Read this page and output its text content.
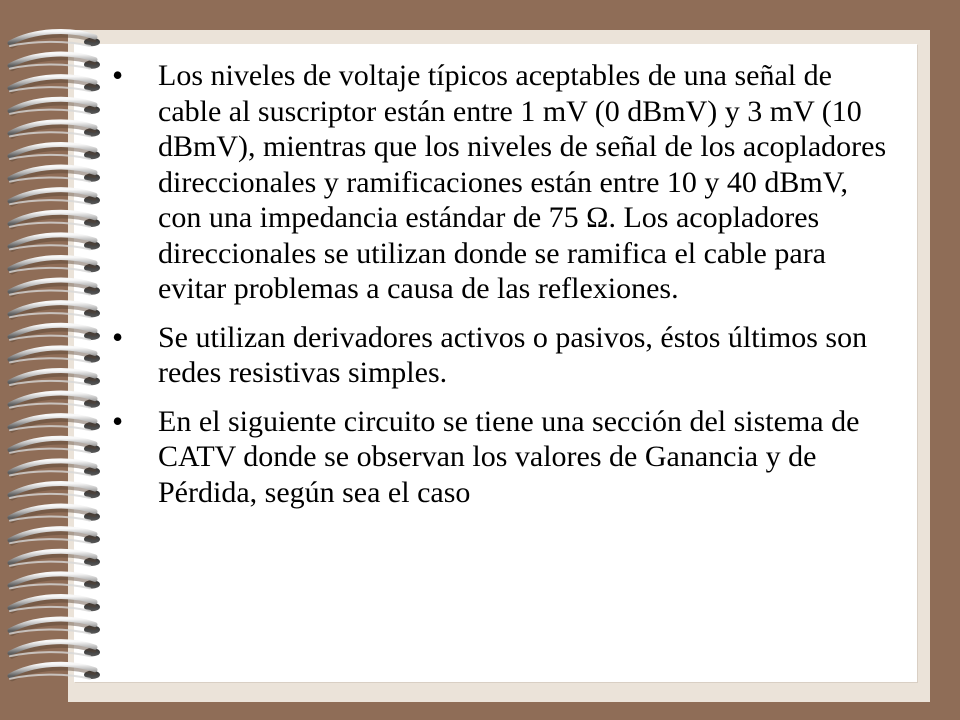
•	Los niveles de voltaje típicos aceptables de una señal de cable al suscriptor están entre 1 mV (0 dBmV) y 3 mV (10 dBmV), mientras que los niveles de señal de los acopladores direccionales y ramificaciones están entre 10 y 40 dBmV, con una impedancia estándar de 75 Ω. Los acopladores direccionales se utilizan donde se ramifica el cable para evitar problemas a causa de las reflexiones.
•	Se utilizan derivadores activos o pasivos, éstos últimos son redes resistivas simples.
•	En el siguiente circuito se tiene una sección del sistema de CATV donde se observan los valores de Ganancia y de Pérdida, según sea el caso
